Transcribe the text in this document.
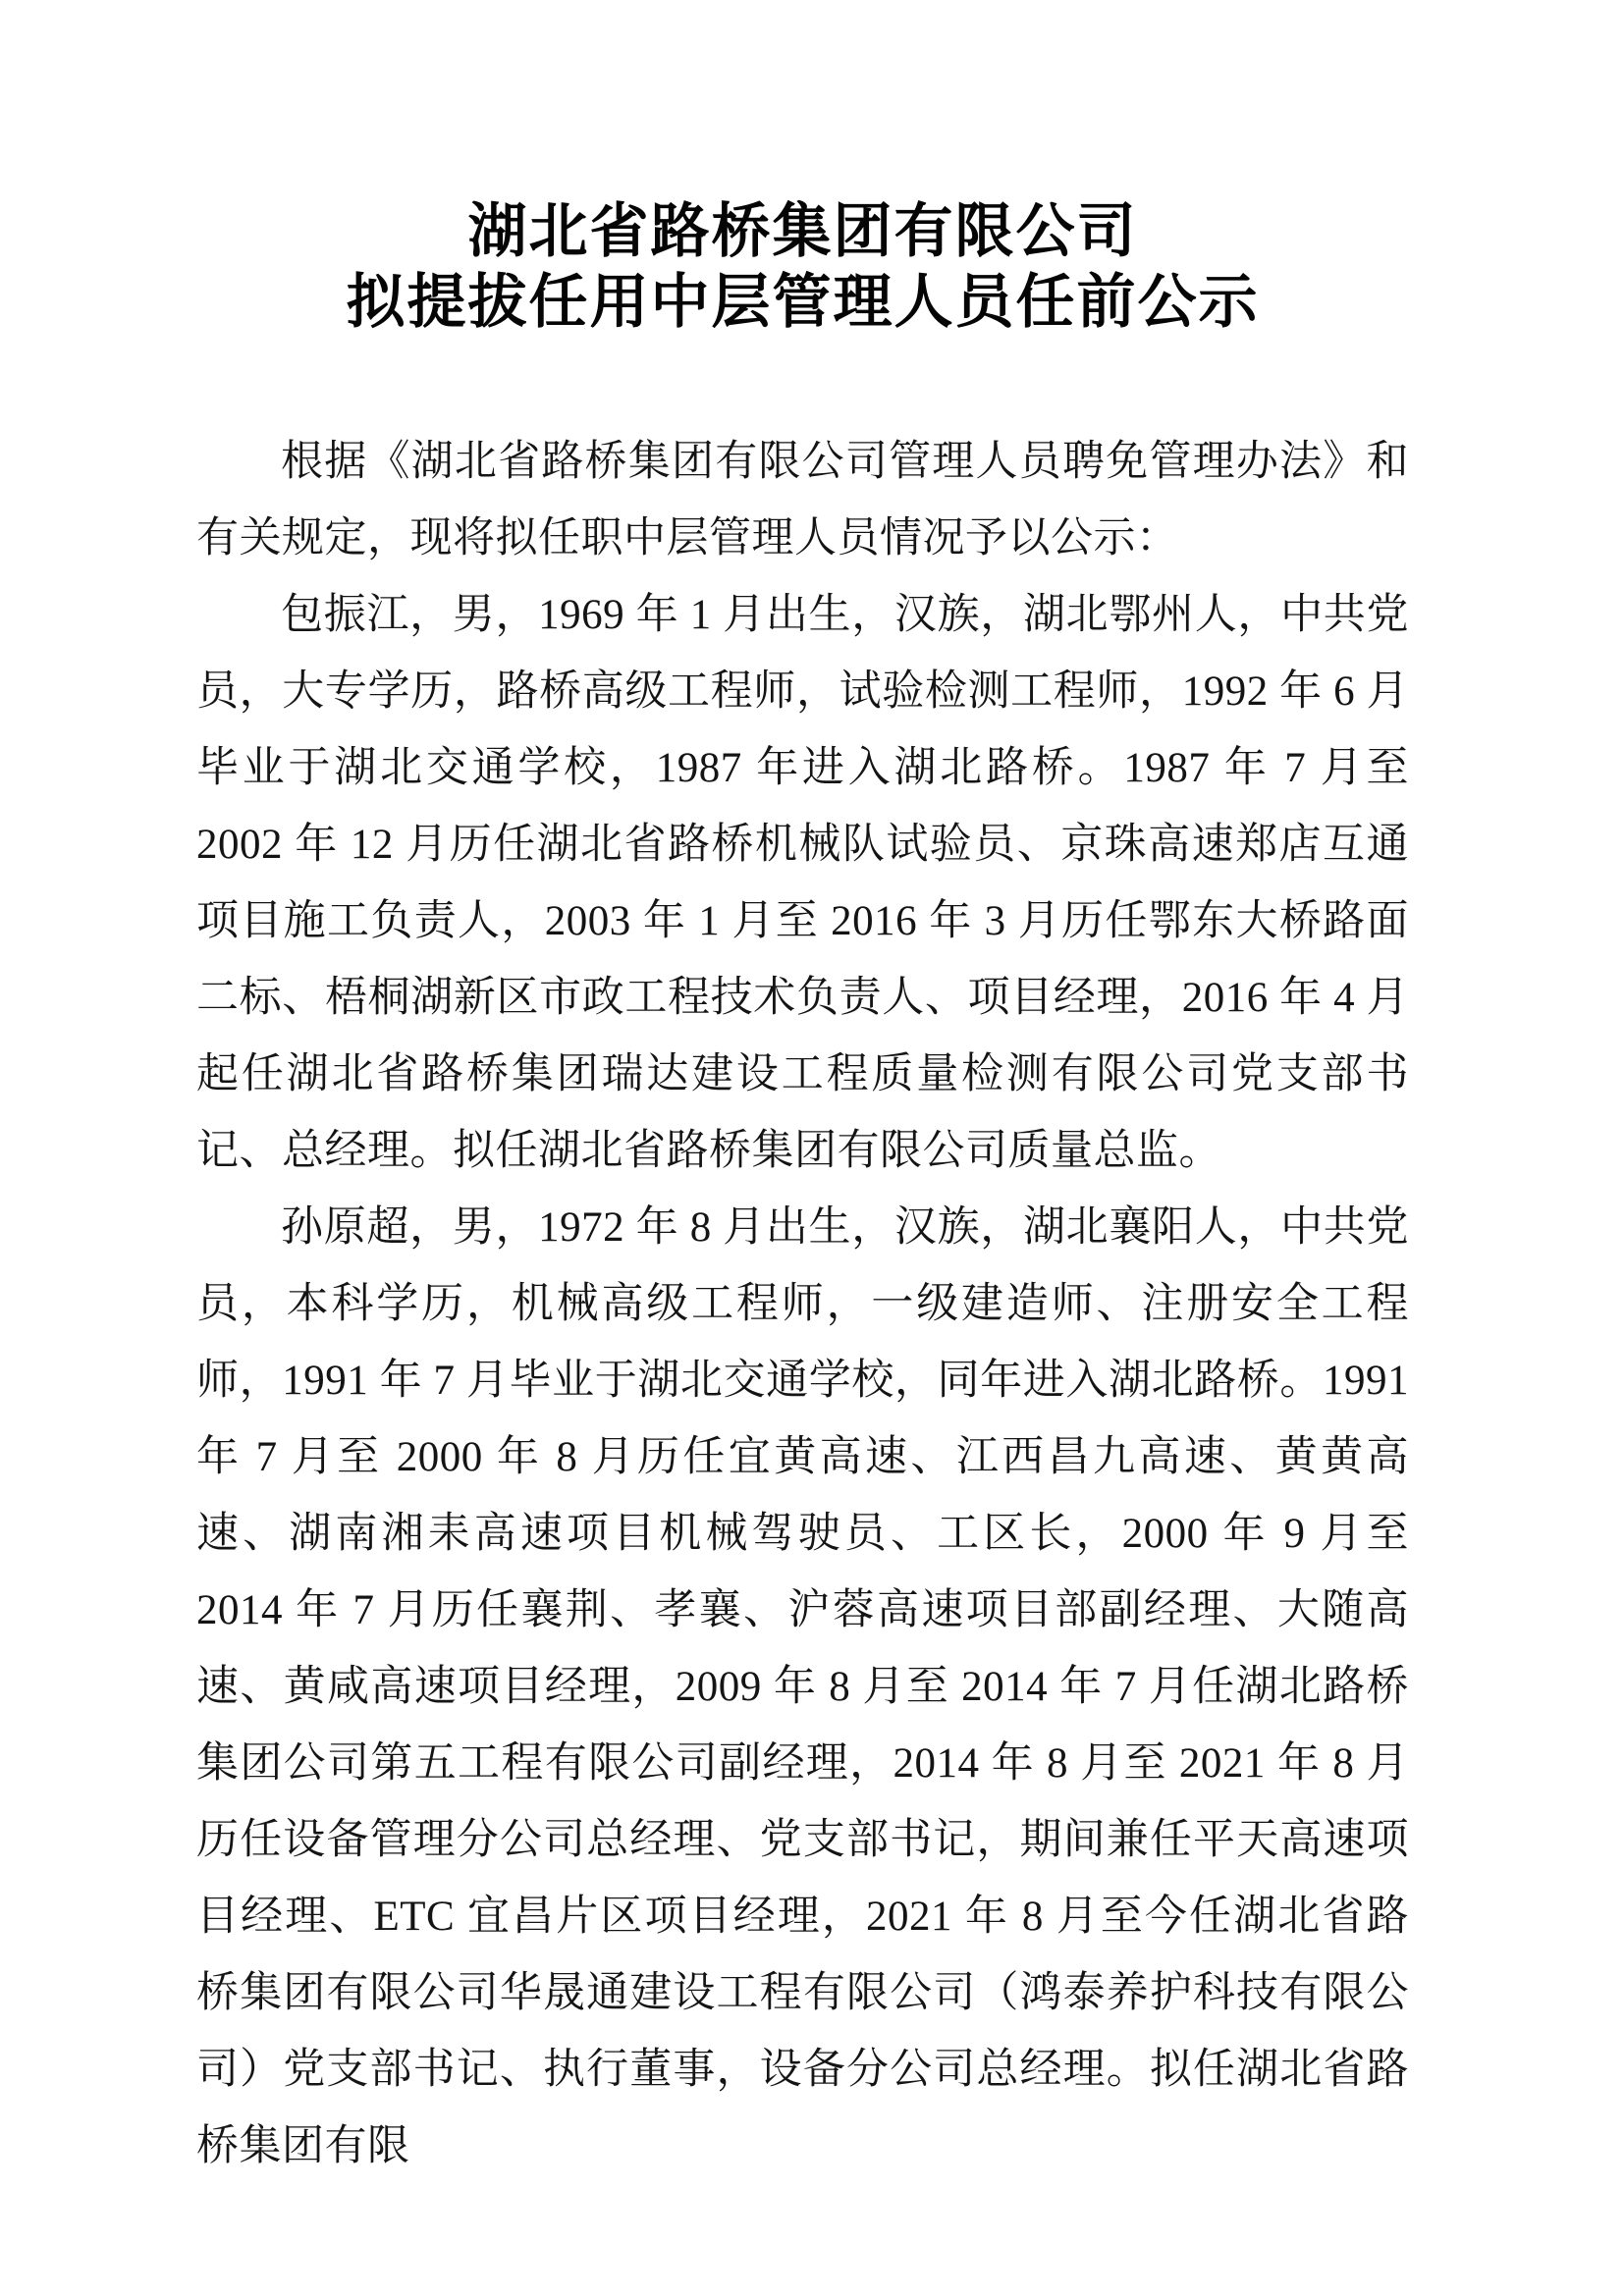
湖北省路桥集团有限公司
拟提拔任用中层管理人员任前公示

根据《湖北省路桥集团有限公司管理人员聘免管理办法》和有关规定，现将拟任职中层管理人员情况予以公示：

包振江，男，1969 年 1 月出生，汉族，湖北鄂州人，中共党员，大专学历，路桥高级工程师，试验检测工程师，1992 年 6 月毕业于湖北交通学校，1987 年进入湖北路桥。1987 年 7 月至 2002 年 12 月历任湖北省路桥机械队试验员、京珠高速郑店互通项目施工负责人，2003 年 1 月至 2016 年 3 月历任鄂东大桥路面二标、梧桐湖新区市政工程技术负责人、项目经理，2016 年 4 月起任湖北省路桥集团瑞达建设工程质量检测有限公司党支部书记、总经理。拟任湖北省路桥集团有限公司质量总监。

孙原超，男，1972 年 8 月出生，汉族，湖北襄阳人，中共党员，本科学历，机械高级工程师，一级建造师、注册安全工程师，1991 年 7 月毕业于湖北交通学校，同年进入湖北路桥。1991 年 7 月至 2000 年 8 月历任宜黄高速、江西昌九高速、黄黄高速、湖南湘耒高速项目机械驾驶员、工区长，2000 年 9 月至 2014 年 7 月历任襄荆、孝襄、沪蓉高速项目部副经理、大随高速、黄咸高速项目经理，2009 年 8 月至 2014 年 7 月任湖北路桥集团公司第五工程有限公司副经理，2014 年 8 月至 2021 年 8 月历任设备管理分公司总经理、党支部书记，期间兼任平天高速项目经理、ETC 宜昌片区项目经理，2021 年 8 月至今任湖北省路桥集团有限公司华晟通建设工程有限公司（鸿泰养护科技有限公司）党支部书记、执行董事，设备分公司总经理。拟任湖北省路桥集团有限
